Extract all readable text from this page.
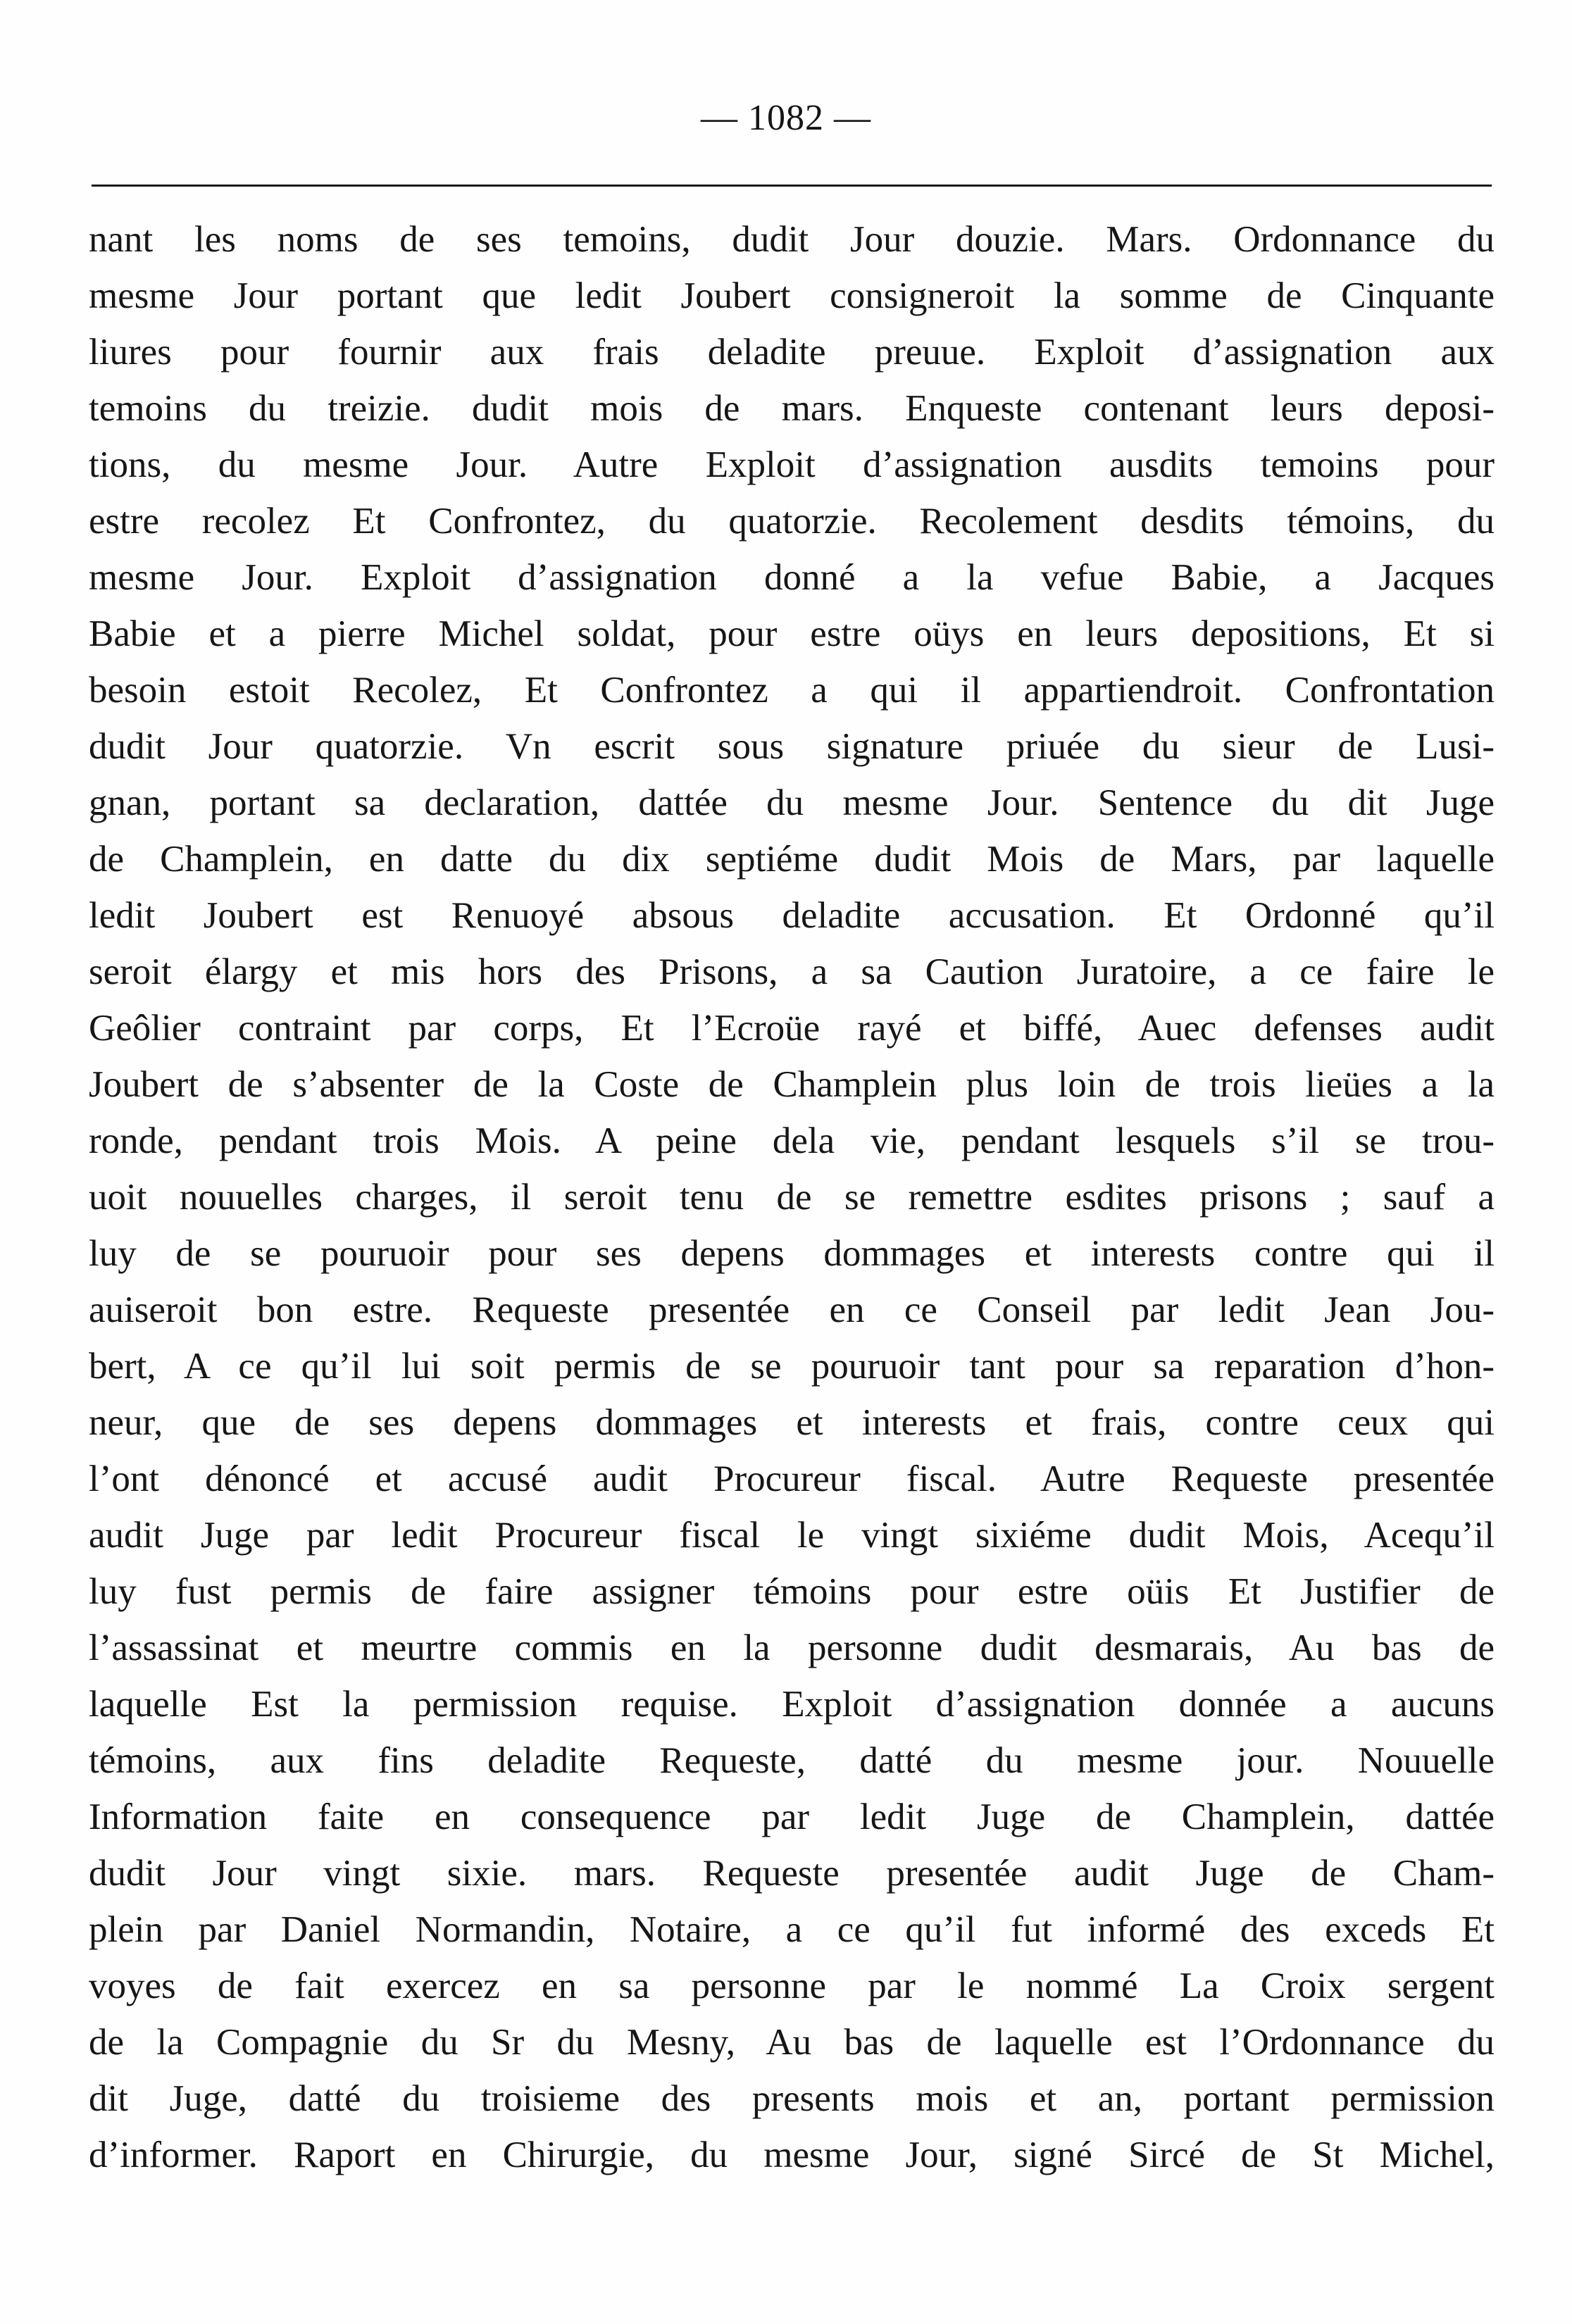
— 1082 —
nant les noms de ses temoins, dudit Jour douzie. Mars. Ordonnance du
mesme Jour portant que ledit Joubert consigneroit la somme de Cinquante
liures pour fournir aux frais deladite preuue. Exploit d’assignation aux
temoins du treizie. dudit mois de mars. Enqueste contenant leurs deposi-
tions, du mesme Jour. Autre Exploit d’assignation ausdits temoins pour
estre recolez Et Confrontez, du quatorzie. Recolement desdits témoins, du
mesme Jour. Exploit d’assignation donné a la vefue Babie, a Jacques
Babie et a pierre Michel soldat, pour estre oüys en leurs depositions, Et si
besoin estoit Recolez, Et Confrontez a qui il appartiendroit. Confrontation
dudit Jour quatorzie. Vn escrit sous signature priuée du sieur de Lusi-
gnan, portant sa declaration, dattée du mesme Jour. Sentence du dit Juge
de Champlein, en datte du dix septiéme dudit Mois de Mars, par laquelle
ledit Joubert est Renuoyé absous deladite accusation. Et Ordonné qu’il
seroit élargy et mis hors des Prisons, a sa Caution Juratoire, a ce faire le
Geôlier contraint par corps, Et l’Ecroüe rayé et biffé, Auec defenses audit
Joubert de s’absenter de la Coste de Champlein plus loin de trois lieües a la
ronde, pendant trois Mois. A peine dela vie, pendant lesquels s’il se trou-
uoit nouuelles charges, il seroit tenu de se remettre esdites prisons ; sauf a
luy de se pouruoir pour ses depens dommages et interests contre qui il
auiseroit bon estre. Requeste presentée en ce Conseil par ledit Jean Jou-
bert, A ce qu’il lui soit permis de se pouruoir tant pour sa reparation d’hon-
neur, que de ses depens dommages et interests et frais, contre ceux qui
l’ont dénoncé et accusé audit Procureur fiscal. Autre Requeste presentée
audit Juge par ledit Procureur fiscal le vingt sixiéme dudit Mois, Acequ’il
luy fust permis de faire assigner témoins pour estre oüis Et Justifier de
l’assassinat et meurtre commis en la personne dudit desmarais, Au bas de
laquelle Est la permission requise. Exploit d’assignation donnée a aucuns
témoins, aux fins deladite Requeste, datté du mesme jour. Nouuelle
Information faite en consequence par ledit Juge de Champlein, dattée
dudit Jour vingt sixie. mars. Requeste presentée audit Juge de Cham-
plein par Daniel Normandin, Notaire, a ce qu’il fut informé des exceds Et
voyes de fait exercez en sa personne par le nommé La Croix sergent
de la Compagnie du Sr du Mesny, Au bas de laquelle est l’Ordonnance du
dit Juge, datté du troisieme des presents mois et an, portant permission
d’informer. Raport en Chirurgie, du mesme Jour, signé Sircé de St Michel,
